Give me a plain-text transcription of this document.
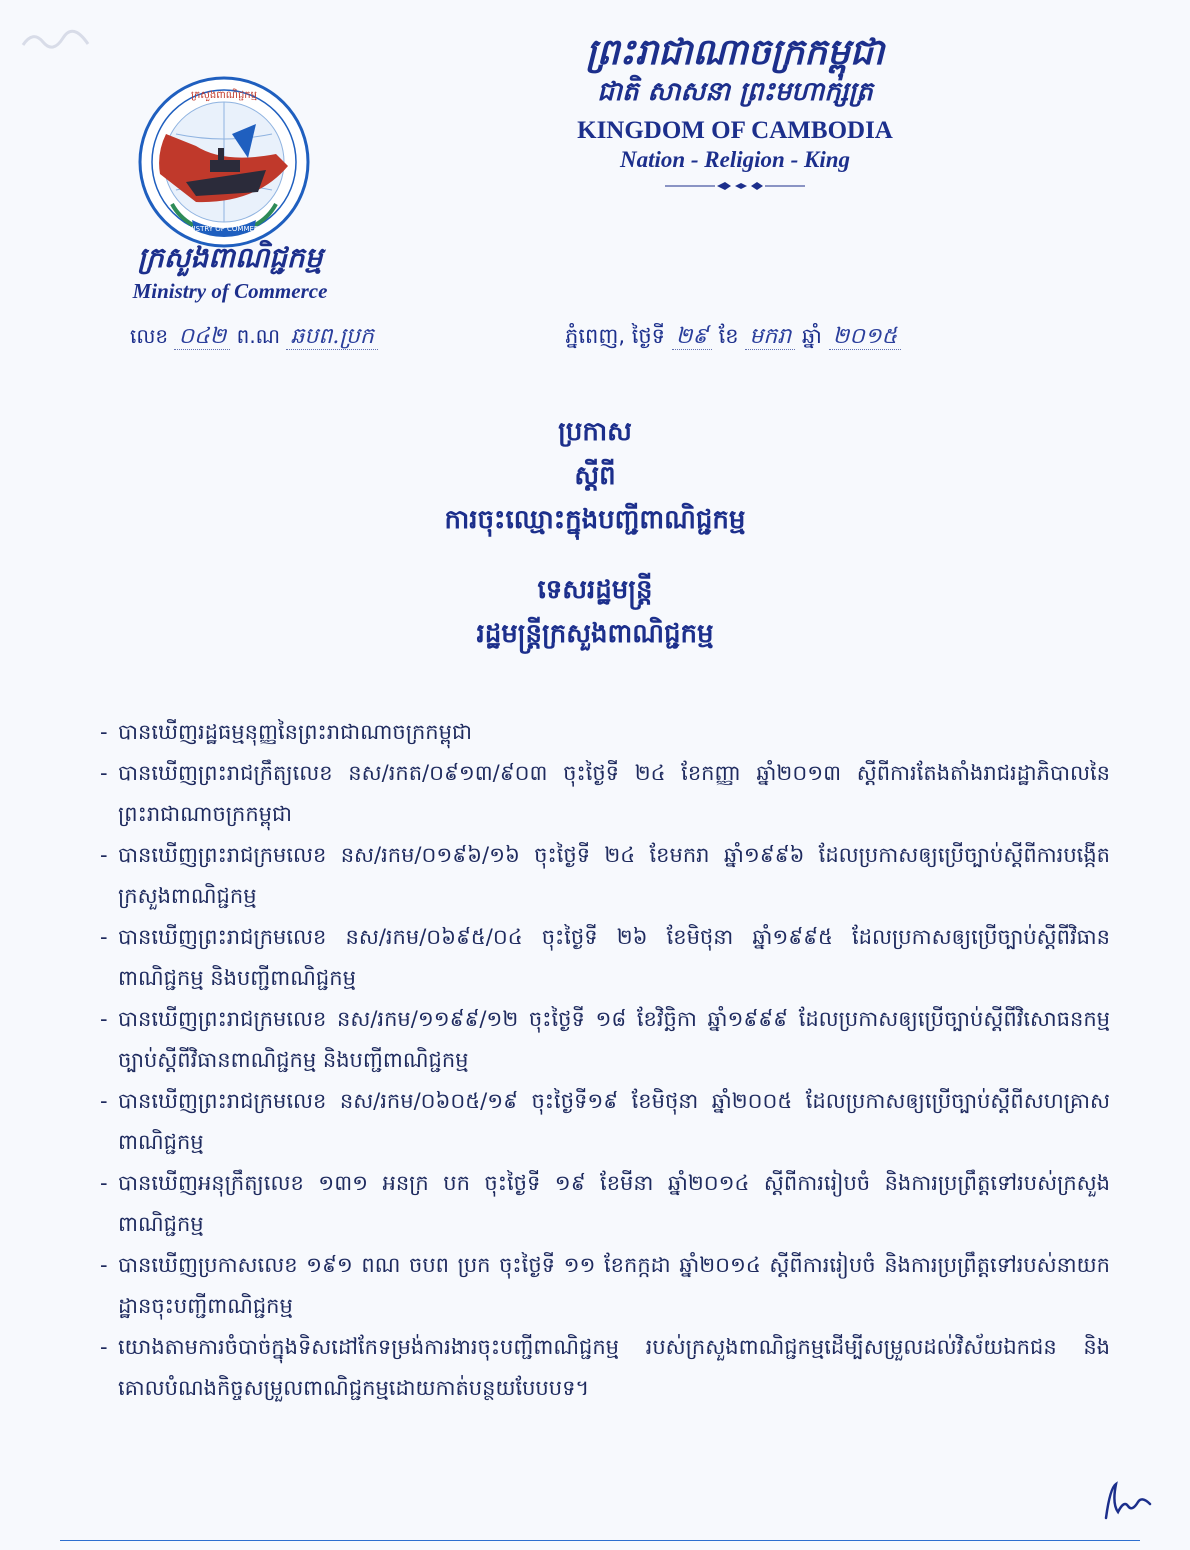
MINISTRY OF COMMERCE
ក្រសួងពាណិជ្ជកម្ម
ព្រះរាជាណាចក្រកម្ពុជា
ជាតិ សាសនា ព្រះមហាក្សត្រ
KINGDOM OF CAMBODIA
Nation - Religion - King
ក្រសួងពាណិជ្ជកម្ម
Ministry of Commerce
លេខ ០៤២ ព.ណ ឆបព.ប្រក	ភ្នំពេញ, ថ្ងៃទី ២៩ ខែ មករា ឆ្នាំ ២០១៥
ប្រកាស
ស្ដីពី
ការចុះឈ្មោះក្នុងបញ្ជីពាណិជ្ជកម្ម
ទេសរដ្ឋមន្ត្រី
រដ្ឋមន្ត្រីក្រសួងពាណិជ្ជកម្ម
- បានឃើញរដ្ឋធម្មនុញ្ញនៃព្រះរាជាណាចក្រកម្ពុជា
- បានឃើញព្រះរាជក្រឹត្យលេខ នស/រកត/០៩១៣/៩០៣ ចុះថ្ងៃទី ២៤ ខែកញ្ញា ឆ្នាំ២០១៣ ស្ដីពីការតែងតាំងរាជរដ្ឋាភិបាលនៃព្រះរាជាណាចក្រកម្ពុជា
- បានឃើញព្រះរាជក្រមលេខ នស/រកម/០១៩៦/១៦ ចុះថ្ងៃទី ២៤ ខែមករា ឆ្នាំ១៩៩៦ ដែលប្រកាសឲ្យប្រើច្បាប់ស្ដីពីការបង្កើតក្រសួងពាណិជ្ជកម្ម
- បានឃើញព្រះរាជក្រមលេខ នស/រកម/០៦៩៥/០៤ ចុះថ្ងៃទី ២៦ ខែមិថុនា ឆ្នាំ១៩៩៥ ដែលប្រកាសឲ្យប្រើច្បាប់ស្ដីពីវិធានពាណិជ្ជកម្ម និងបញ្ជីពាណិជ្ជកម្ម
- បានឃើញព្រះរាជក្រមលេខ នស/រកម/១១៩៩/១២ ចុះថ្ងៃទី ១៨ ខែវិច្ឆិកា ឆ្នាំ១៩៩៩ ដែលប្រកាសឲ្យប្រើច្បាប់ស្ដីពីវិសោធនកម្មច្បាប់ស្ដីពីវិធានពាណិជ្ជកម្ម និងបញ្ជីពាណិជ្ជកម្ម
- បានឃើញព្រះរាជក្រមលេខ នស/រកម/០៦០៥/១៩ ចុះថ្ងៃទី១៩ ខែមិថុនា ឆ្នាំ២០០៥ ដែលប្រកាសឲ្យប្រើច្បាប់ស្ដីពីសហគ្រាសពាណិជ្ជកម្ម
- បានឃើញអនុក្រឹត្យលេខ ១៣១ អនក្រ បក ចុះថ្ងៃទី ១៩ ខែមីនា ឆ្នាំ២០១៤ ស្ដីពីការរៀបចំ និងការប្រព្រឹត្តទៅរបស់ក្រសួងពាណិជ្ជកម្ម
- បានឃើញប្រកាសលេខ ១៩១ ពណ ចបព ប្រក ចុះថ្ងៃទី ១១ ខែកក្កដា ឆ្នាំ២០១៤ ស្ដីពីការរៀបចំ និងការប្រព្រឹត្តទៅរបស់នាយកដ្ឋានចុះបញ្ជីពាណិជ្ជកម្ម
- យោងតាមការចំបាច់ក្នុងទិសដៅកែទម្រង់ការងារចុះបញ្ជីពាណិជ្ជកម្ម របស់ក្រសួងពាណិជ្ជកម្មដើម្បីសម្រួលដល់វិស័យឯកជន និងគោលបំណងកិច្ចសម្រួលពាណិជ្ជកម្មដោយកាត់បន្ថយបែបបទ។
